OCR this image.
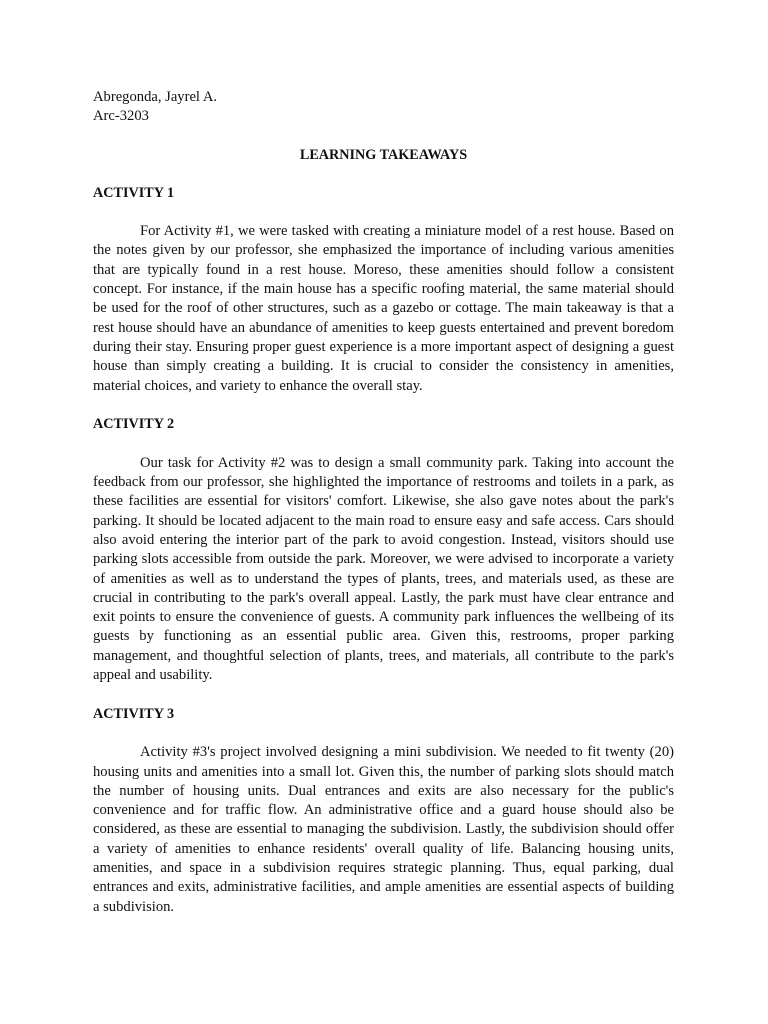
Abregonda, Jayrel A.

Arc-3203

LEARNING TAKEAWAYS
ACTIVITY 1

For Activity #1, we were tasked with creating a miniature model of a rest house. Based on the notes given by our professor, she emphasized the importance of including various amenities that are typically found in a rest house. Moreso, these amenities should follow a consistent concept. For instance, if the main house has a specific roofing material, the same material should be used for the roof of other structures, such as a gazebo or cottage. The main takeaway is that a rest house should have an abundance of amenities to keep guests entertained and prevent boredom during their stay. Ensuring proper guest experience is a more important aspect of designing a guest house than simply creating a building. It is crucial to consider the consistency in amenities, material choices, and variety to enhance the overall stay.

ACTIVITY 2

Our task for Activity #2 was to design a small community park. Taking into account the feedback from our professor, she highlighted the importance of restrooms and toilets in a park, as these facilities are essential for visitors' comfort. Likewise, she also gave notes about the park's parking. It should be located adjacent to the main road to ensure easy and safe access. Cars should also avoid entering the interior part of the park to avoid congestion. Instead, visitors should use parking slots accessible from outside the park. Moreover, we were advised to incorporate a variety of amenities as well as to understand the types of plants, trees, and materials used, as these are crucial in contributing to the park's overall appeal. Lastly, the park must have clear entrance and exit points to ensure the convenience of guests. A community park influences the wellbeing of its guests by functioning as an essential public area. Given this, restrooms, proper parking management, and thoughtful selection of plants, trees, and materials, all contribute to the park's appeal and usability.

ACTIVITY 3

Activity #3's project involved designing a mini subdivision. We needed to fit twenty (20) housing units and amenities into a small lot. Given this, the number of parking slots should match the number of housing units. Dual entrances and exits are also necessary for the public's convenience and for traffic flow. An administrative office and a guard house should also be considered, as these are essential to managing the subdivision. Lastly, the subdivision should offer a variety of amenities to enhance residents' overall quality of life. Balancing housing units, amenities, and space in a subdivision requires strategic planning. Thus, equal parking, dual entrances and exits, administrative facilities, and ample amenities are essential aspects of building a subdivision.
